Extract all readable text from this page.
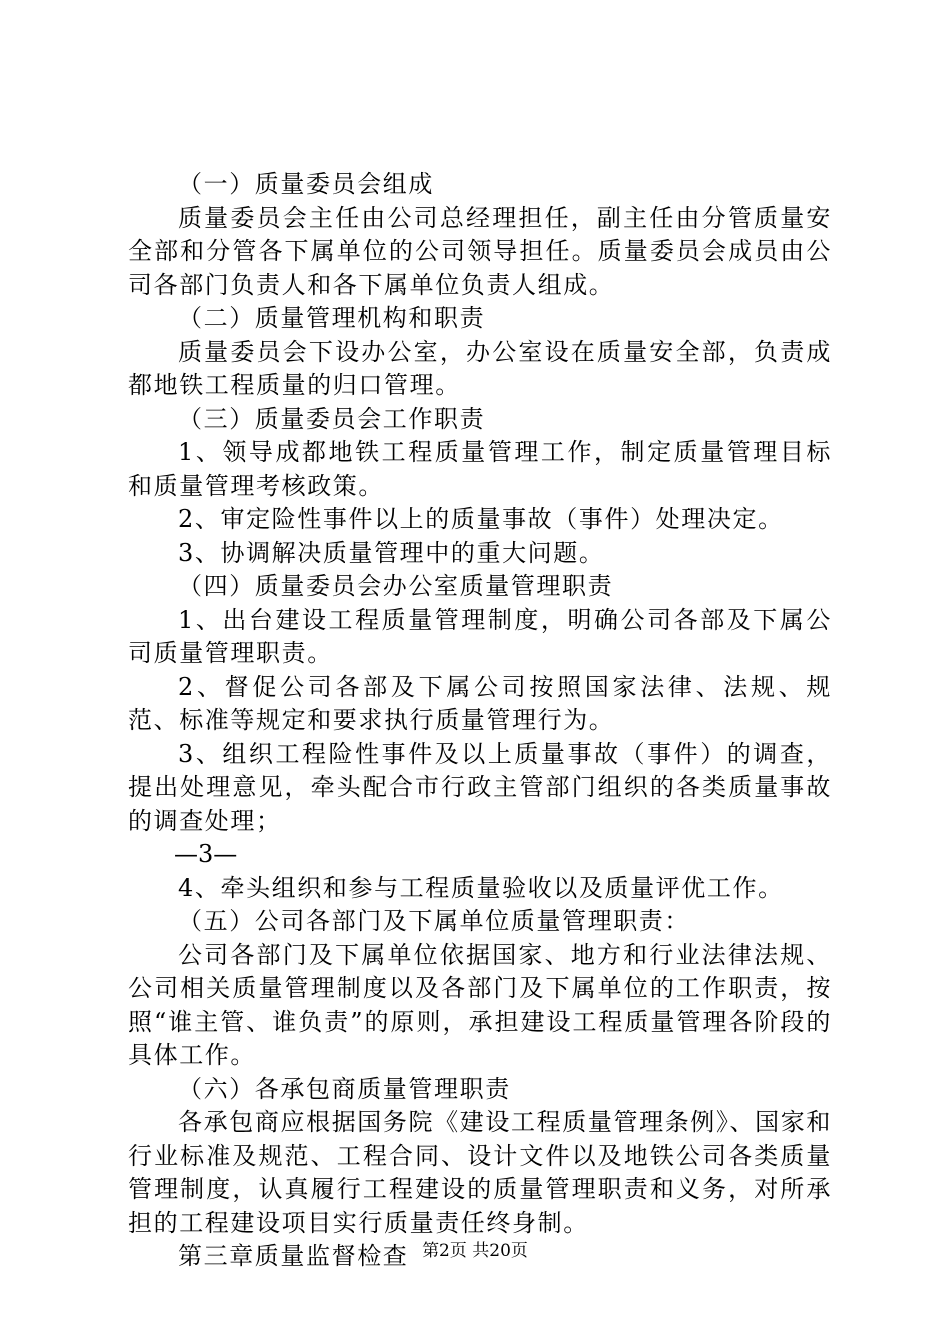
（一）质量委员会组成

质量委员会主任由公司总经理担任，副主任由分管质量安全部和分管各下属单位的公司领导担任。质量委员会成员由公司各部门负责人和各下属单位负责人组成。

（二）质量管理机构和职责

质量委员会下设办公室，办公室设在质量安全部，负责成都地铁工程质量的归口管理。

（三）质量委员会工作职责

1、领导成都地铁工程质量管理工作，制定质量管理目标和质量管理考核政策。

2、审定险性事件以上的质量事故（事件）处理决定。

3、协调解决质量管理中的重大问题。

（四）质量委员会办公室质量管理职责

1、出台建设工程质量管理制度，明确公司各部及下属公司质量管理职责。

2、督促公司各部及下属公司按照国家法律、法规、规范、标准等规定和要求执行质量管理行为。

3、组织工程险性事件及以上质量事故（事件）的调查，提出处理意见，牵头配合市行政主管部门组织的各类质量事故的调查处理；

—3—

4、牵头组织和参与工程质量验收以及质量评优工作。

（五）公司各部门及下属单位质量管理职责：

公司各部门及下属单位依据国家、地方和行业法律法规、公司相关质量管理制度以及各部门及下属单位的工作职责，按照“谁主管、谁负责”的原则，承担建设工程质量管理各阶段的具体工作。

（六）各承包商质量管理职责

各承包商应根据国务院《建设工程质量管理条例》、国家和行业标准及规范、工程合同、设计文件以及地铁公司各类质量管理制度，认真履行工程建设的质量管理职责和义务，对所承担的工程建设项目实行质量责任终身制。

第三章质量监督检查 第2页 共20页
